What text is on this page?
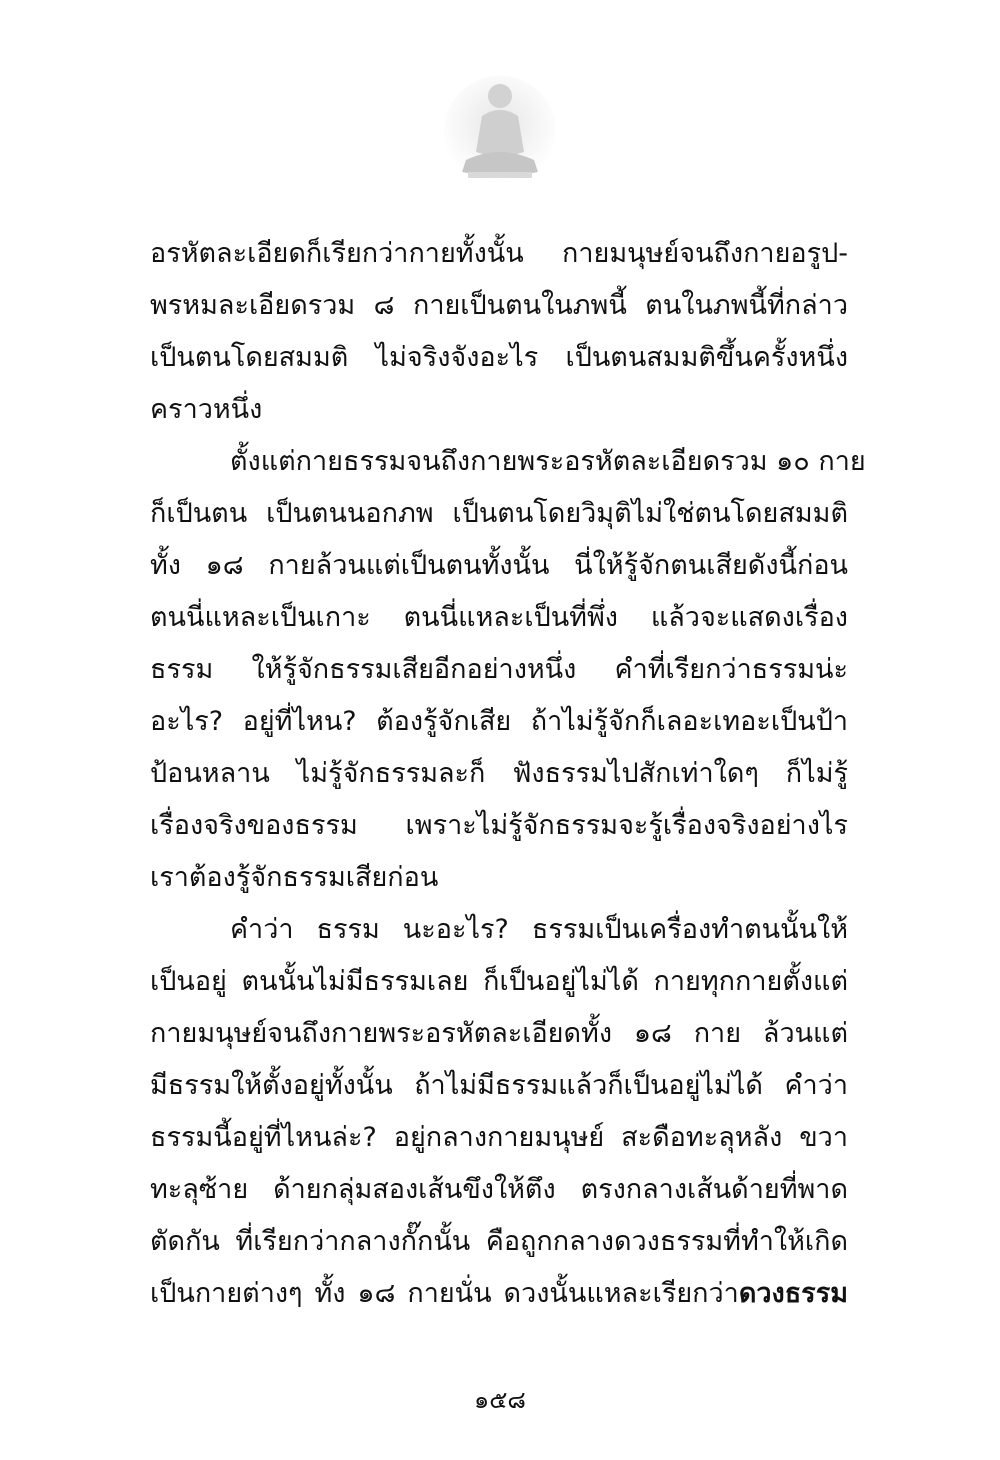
อรหัตละเอียดก็เรียกว่ากายทั้งนั้น กายมนุษย์จนถึงกายอรูป-
พรหมละเอียดรวม ๘ กายเป็นตนในภพนี้ ตนในภพนี้ที่กล่าว
เป็นตนโดยสมมติ ไม่จริงจังอะไร เป็นตนสมมติขึ้นครั้งหนึ่ง
คราวหนึ่ง
ตั้งแต่กายธรรมจนถึงกายพระอรหัตละเอียดรวม ๑๐ กาย
ก็เป็นตน เป็นตนนอกภพ เป็นตนโดยวิมุติไม่ใช่ตนโดยสมมติ
ทั้ง ๑๘ กายล้วนแต่เป็นตนทั้งนั้น นี่ให้รู้จักตนเสียดังนี้ก่อน
ตนนี่แหละเป็นเกาะ ตนนี่แหละเป็นที่พึ่ง แล้วจะแสดงเรื่อง
ธรรม ให้รู้จักธรรมเสียอีกอย่างหนึ่ง คำที่เรียกว่าธรรมน่ะ
อะไร? อยู่ที่ไหน? ต้องรู้จักเสีย ถ้าไม่รู้จักก็เลอะเทอะเป็นป้า
ป้อนหลาน ไม่รู้จักธรรมละก็ ฟังธรรมไปสักเท่าใดๆ ก็ไม่รู้
เรื่องจริงของธรรม เพราะไม่รู้จักธรรมจะรู้เรื่องจริงอย่างไร
เราต้องรู้จักธรรมเสียก่อน
คำว่า ธรรม นะอะไร? ธรรมเป็นเครื่องทำตนนั้นให้
เป็นอยู่ ตนนั้นไม่มีธรรมเลย ก็เป็นอยู่ไม่ได้ กายทุกกายตั้งแต่
กายมนุษย์จนถึงกายพระอรหัตละเอียดทั้ง ๑๘ กาย ล้วนแต่
มีธรรมให้ตั้งอยู่ทั้งนั้น ถ้าไม่มีธรรมแล้วก็เป็นอยู่ไม่ได้ คำว่า
ธรรมนี้อยู่ที่ไหนล่ะ? อยู่กลางกายมนุษย์ สะดือทะลุหลัง ขวา
ทะลุซ้าย ด้ายกลุ่มสองเส้นขึงให้ตึง ตรงกลางเส้นด้ายที่พาด
ตัดกัน ที่เรียกว่ากลางกั๊กนั้น คือถูกกลางดวงธรรมที่ทำให้เกิด
เป็นกายต่างๆ ทั้ง ๑๘ กายนั่น ดวงนั้นแหละเรียกว่าดวงธรรม
๑๕๘
